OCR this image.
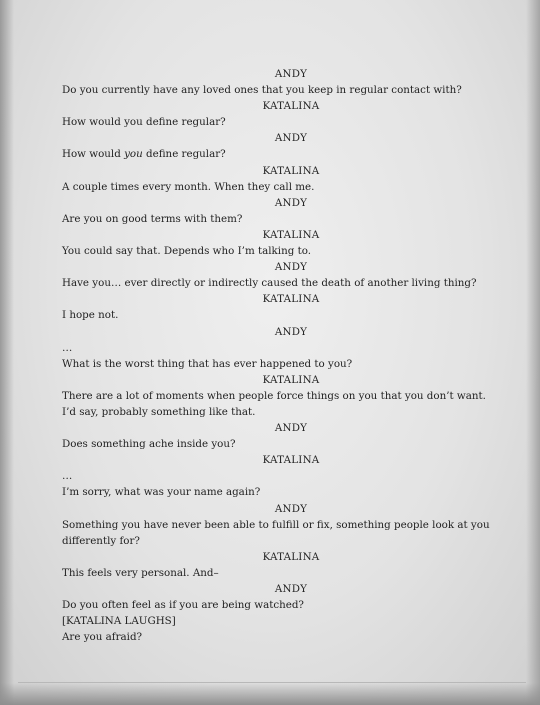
ANDY
Do you currently have any loved ones that you keep in regular contact with?
KATALINA
How would you define regular?
ANDY
How would you define regular?
KATALINA
A couple times every month. When they call me.
ANDY
Are you on good terms with them?
KATALINA
You could say that. Depends who I’m talking to.
ANDY
Have you… ever directly or indirectly caused the death of another living thing?
KATALINA
I hope not.
ANDY
…
What is the worst thing that has ever happened to you?
KATALINA
There are a lot of moments when people force things on you that you don’t want. I’d say, probably something like that.
ANDY
Does something ache inside you?
KATALINA
…
I’m sorry, what was your name again?
ANDY
Something you have never been able to fulfill or fix, something people look at you differently for?
KATALINA
This feels very personal. And–
ANDY
Do you often feel as if you are being watched?
[KATALINA LAUGHS]
Are you afraid?
